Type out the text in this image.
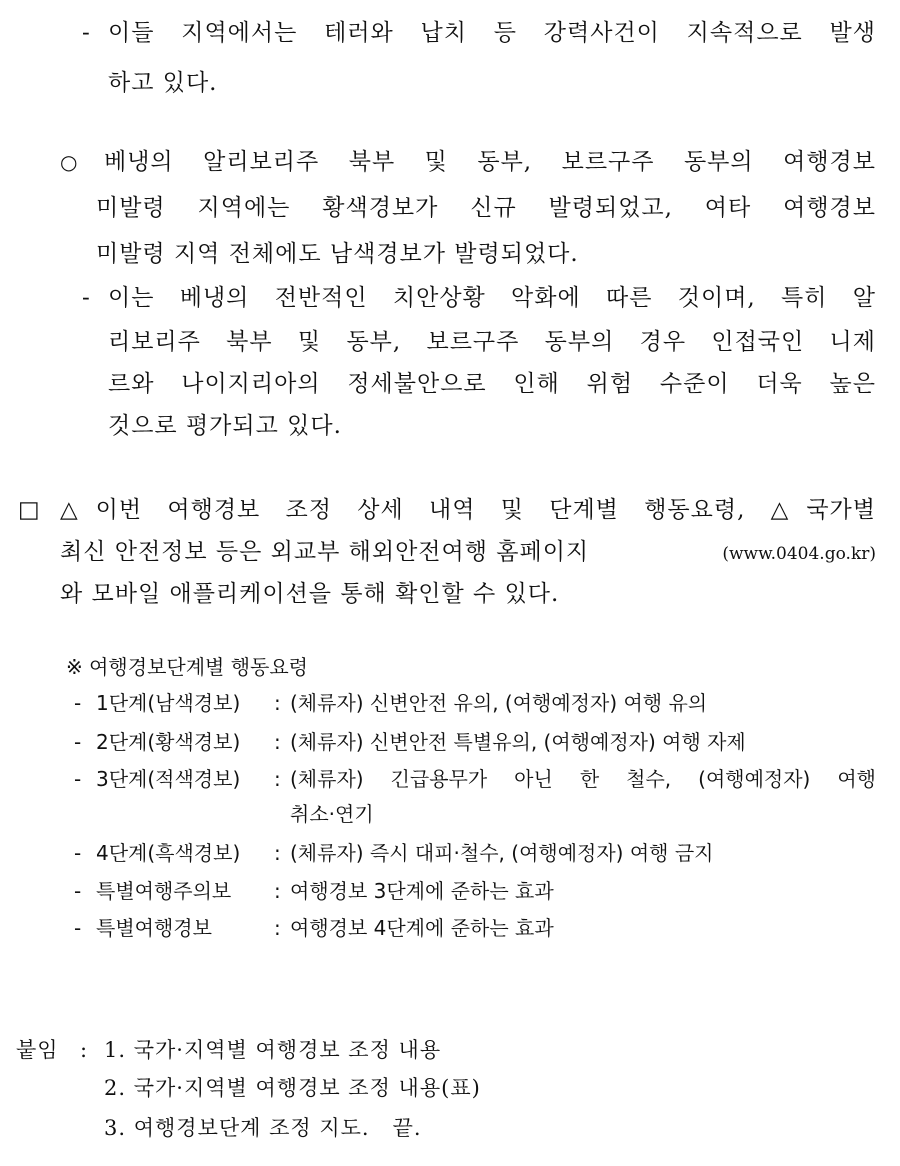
- 이들 지역에서는 테러와 납치 등 강력사건이 지속적으로 발생
하고 있다.
○ 베냉의 알리보리주 북부 및 동부, 보르구주 동부의 여행경보
미발령 지역에는 황색경보가 신규 발령되었고, 여타 여행경보
미발령 지역 전체에도 남색경보가 발령되었다.
- 이는 베냉의 전반적인 치안상황 악화에 따른 것이며, 특히 알
리보리주 북부 및 동부, 보르구주 동부의 경우 인접국인 니제
르와 나이지리아의 정세불안으로 인해 위험 수준이 더욱 높은
것으로 평가되고 있다.
□ △이번 여행경보 조정 상세 내역 및 단계별 행동요령, △국가별
최신 안전정보 등은 외교부 해외안전여행 홈페이지	(www.0404.go.kr)
와 모바일 애플리케이션을 통해 확인할 수 있다.
※ 여행경보단계별 행동요령
- 1단계(남색경보) : (체류자) 신변안전 유의, (여행예정자) 여행 유의
- 2단계(황색경보) : (체류자) 신변안전 특별유의, (여행예정자) 여행 자제
- 3단계(적색경보) : (체류자) 긴급용무가 아닌 한 철수, (여행예정자) 여행
취소·연기
- 4단계(흑색경보) : (체류자) 즉시 대피·철수, (여행예정자) 여행 금지
- 특별여행주의보 : 여행경보 3단계에 준하는 효과
- 특별여행경보	: 여행경보 4단계에 준하는 효과
붙임 : 1. 국가·지역별 여행경보 조정 내용
2. 국가·지역별 여행경보 조정 내용(표)
3. 여행경보단계 조정 지도.   끝.
